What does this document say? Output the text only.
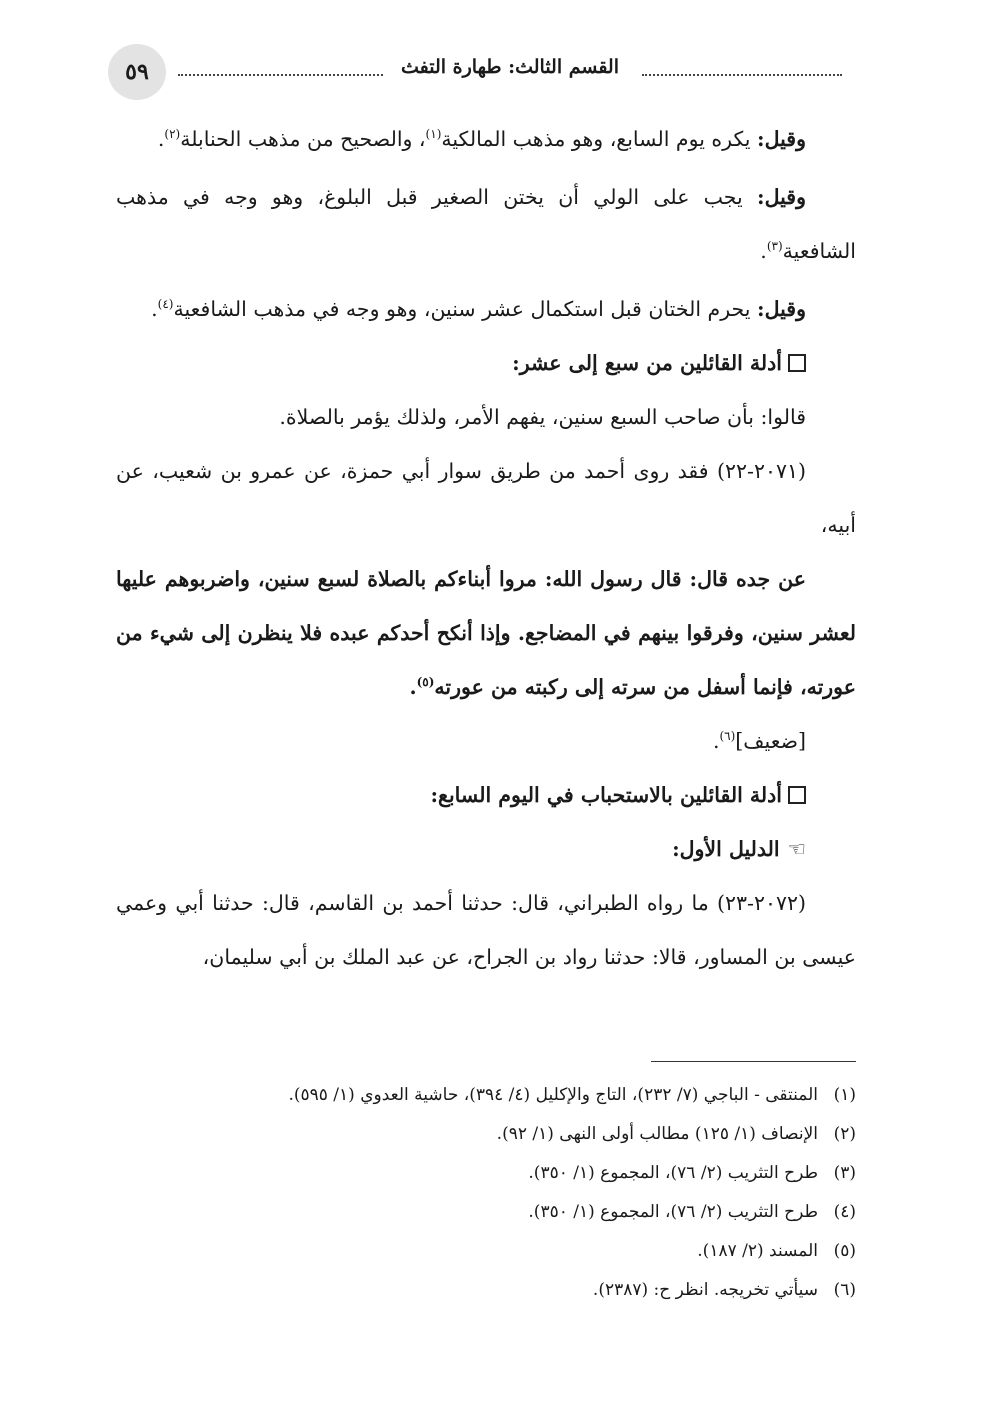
٥٩	القسم الثالث: طهارة التفث

وقيل: يكره يوم السابع، وهو مذهب المالكية$^{(١)}$، والصحيح من مذهب الحنابلة$^{(٢)}$.

وقيل: يجب على الولي أن يختن الصغير قبل البلوغ، وهو وجه في مذهب الشافعية$^{(٣)}$.

وقيل: يحرم الختان قبل استكمال عشر سنين، وهو وجه في مذهب الشافعية$^{(٤)}$.

أدلة القائلين من سبع إلى عشر:

قالوا: بأن صاحب السبع سنين، يفهم الأمر، ولذلك يؤمر بالصلاة.

(٢٠٧١-٢٢) فقد روى أحمد من طريق سوار أبي حمزة، عن عمرو بن شعيب، عن أبيه،

عن جده قال: قال رسول الله: مروا أبناءكم بالصلاة لسبع سنين، واضربوهم عليها لعشر سنين، وفرقوا بينهم في المضاجع. وإذا أنكح أحدكم عبده فلا ينظرن إلى شيء من عورته، فإنما أسفل من سرته إلى ركبته من عورته$^{(٥)}$.

[ضعيف]$^{(٦)}$.

أدلة القائلين بالاستحباب في اليوم السابع:
☜
الدليل الأول:

(٢٠٧٢-٢٣) ما رواه الطبراني، قال: حدثنا أحمد بن القاسم، قال: حدثنا أبي وعمي عيسى بن المساور، قالا: حدثنا رواد بن الجراح، عن عبد الملك بن أبي سليمان،

(١)
المنتقى - الباجي (٧/ ٢٣٢)، التاج والإكليل (٤/ ٣٩٤)، حاشية العدوي (١/ ٥٩٥).
(٢)
الإنصاف (١/ ١٢٥) مطالب أولى النهى (١/ ٩٢).
(٣)
طرح التثريب (٢/ ٧٦)، المجموع (١/ ٣٥٠).
(٤)
طرح التثريب (٢/ ٧٦)، المجموع (١/ ٣٥٠).
(٥)
المسند (٢/ ١٨٧).
(٦)
سيأتي تخريجه. انظر ح: (٢٣٨٧).
